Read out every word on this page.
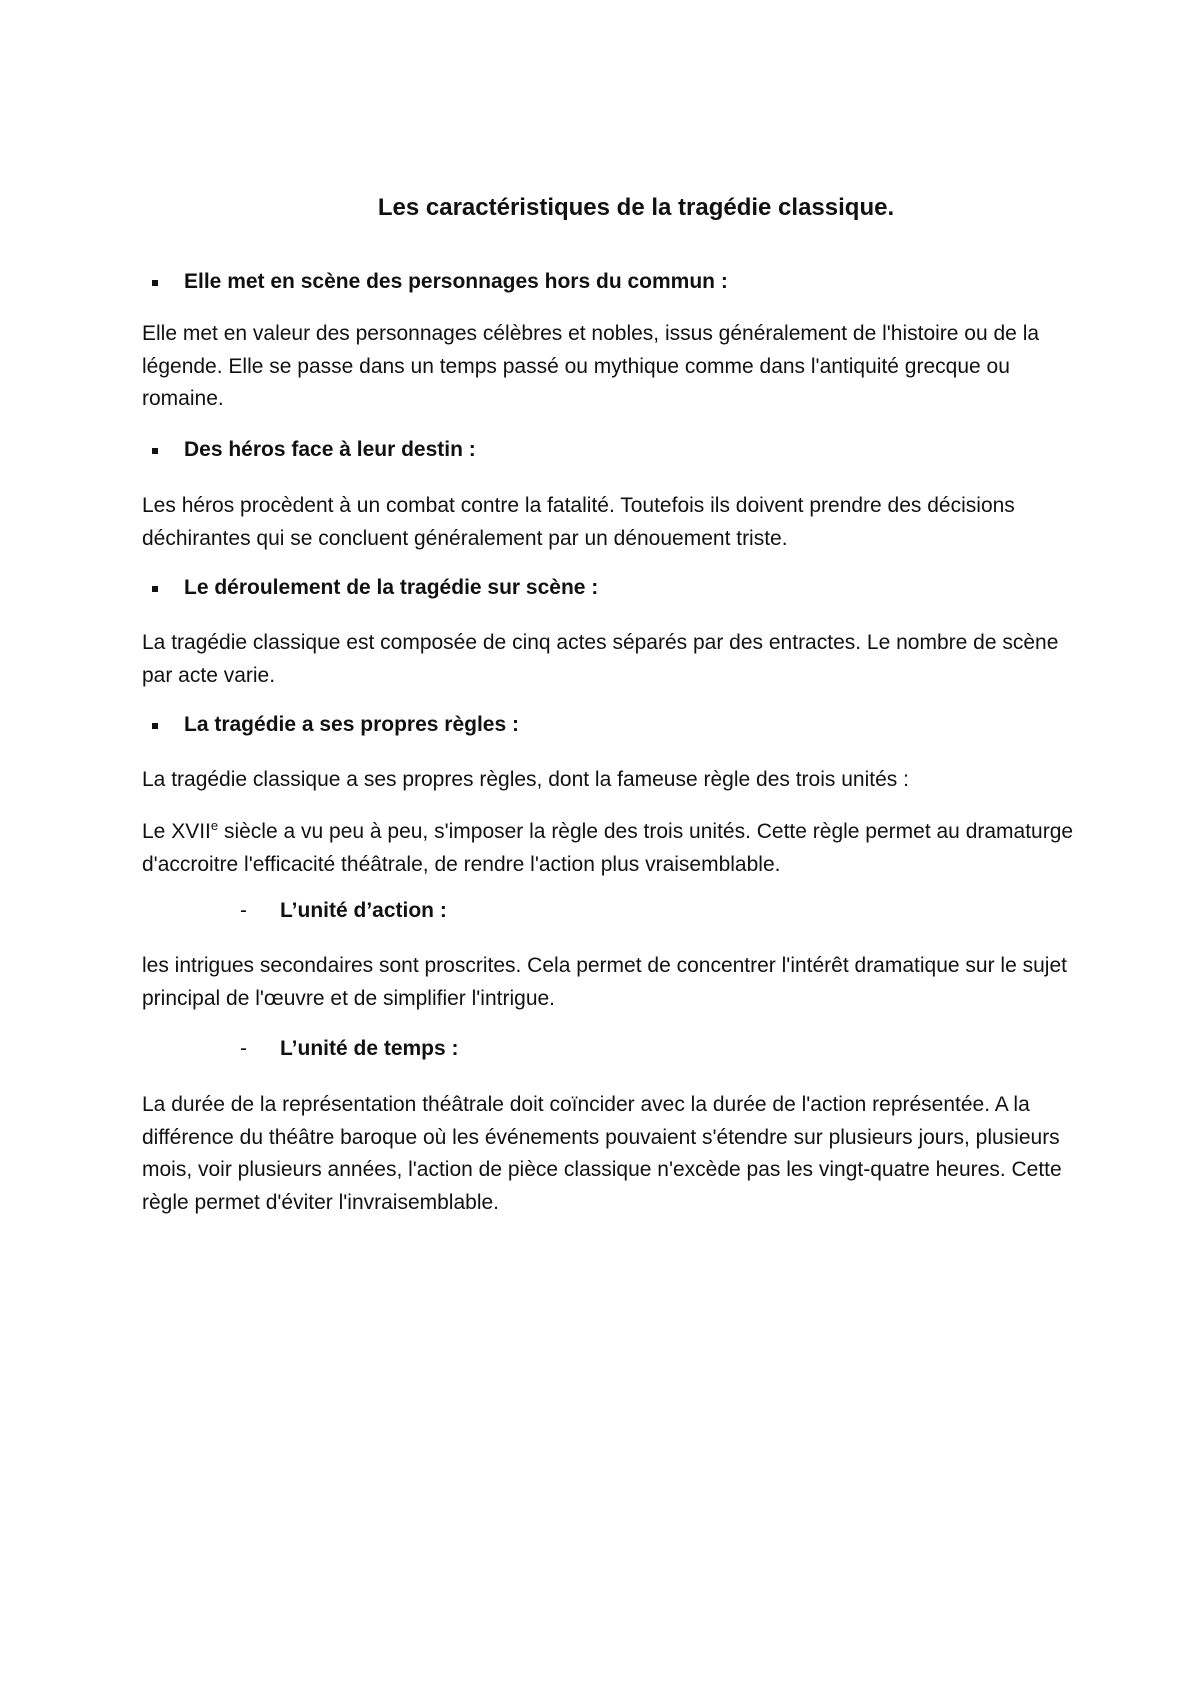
Les caractéristiques de la tragédie classique.
Elle met en scène des personnages hors du commun :

Elle met en valeur des personnages célèbres et nobles, issus généralement de l'histoire ou de la légende. Elle se passe dans un temps passé ou mythique comme dans l'antiquité grecque ou romaine.

Des héros face à leur destin :

Les héros procèdent à un combat contre la fatalité. Toutefois ils doivent prendre des décisions déchirantes qui se concluent généralement par un dénouement triste.

Le déroulement de la tragédie sur scène :

La tragédie classique est composée de cinq actes séparés par des entractes. Le nombre de scène par acte varie.

La tragédie a ses propres règles :

La tragédie classique a ses propres règles, dont la fameuse règle des trois unités :

Le XVIIe siècle a vu peu à peu, s'imposer la règle des trois unités. Cette règle permet au dramaturge d'accroitre l'efficacité théâtrale, de rendre l'action plus vraisemblable.

- L’unité d’action :

les intrigues secondaires sont proscrites. Cela permet de concentrer l'intérêt dramatique sur le sujet principal de l'œuvre et de simplifier l'intrigue.

- L’unité de temps :

La durée de la représentation théâtrale doit coïncider avec la durée de l'action représentée. A la différence du théâtre baroque où les événements pouvaient s'étendre sur plusieurs jours, plusieurs mois, voir plusieurs années, l'action de pièce classique n'excède pas les vingt-quatre heures. Cette règle permet d'éviter l'invraisemblable.
